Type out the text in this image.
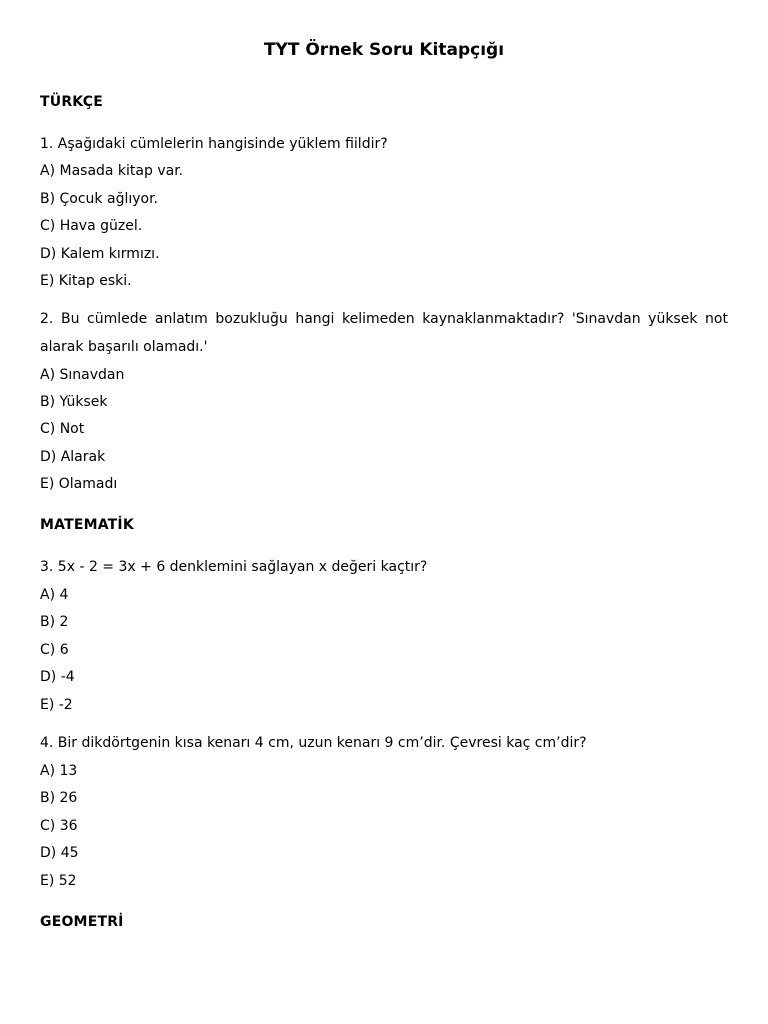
TYT Örnek Soru Kitapçığı
TÜRKÇE
1. Aşağıdaki cümlelerin hangisinde yüklem fiildir?
A) Masada kitap var.
B) Çocuk ağlıyor.
C) Hava güzel.
D) Kalem kırmızı.
E) Kitap eski.
2. Bu cümlede anlatım bozukluğu hangi kelimeden kaynaklanmaktadır? 'Sınavdan yüksek not alarak başarılı olamadı.'
A) Sınavdan
B) Yüksek
C) Not
D) Alarak
E) Olamadı
MATEMATİK
3. 5x - 2 = 3x + 6 denklemini sağlayan x değeri kaçtır?
A) 4
B) 2
C) 6
D) -4
E) -2
4. Bir dikdörtgenin kısa kenarı 4 cm, uzun kenarı 9 cm’dir. Çevresi kaç cm’dir?
A) 13
B) 26
C) 36
D) 45
E) 52
GEOMETRİ
